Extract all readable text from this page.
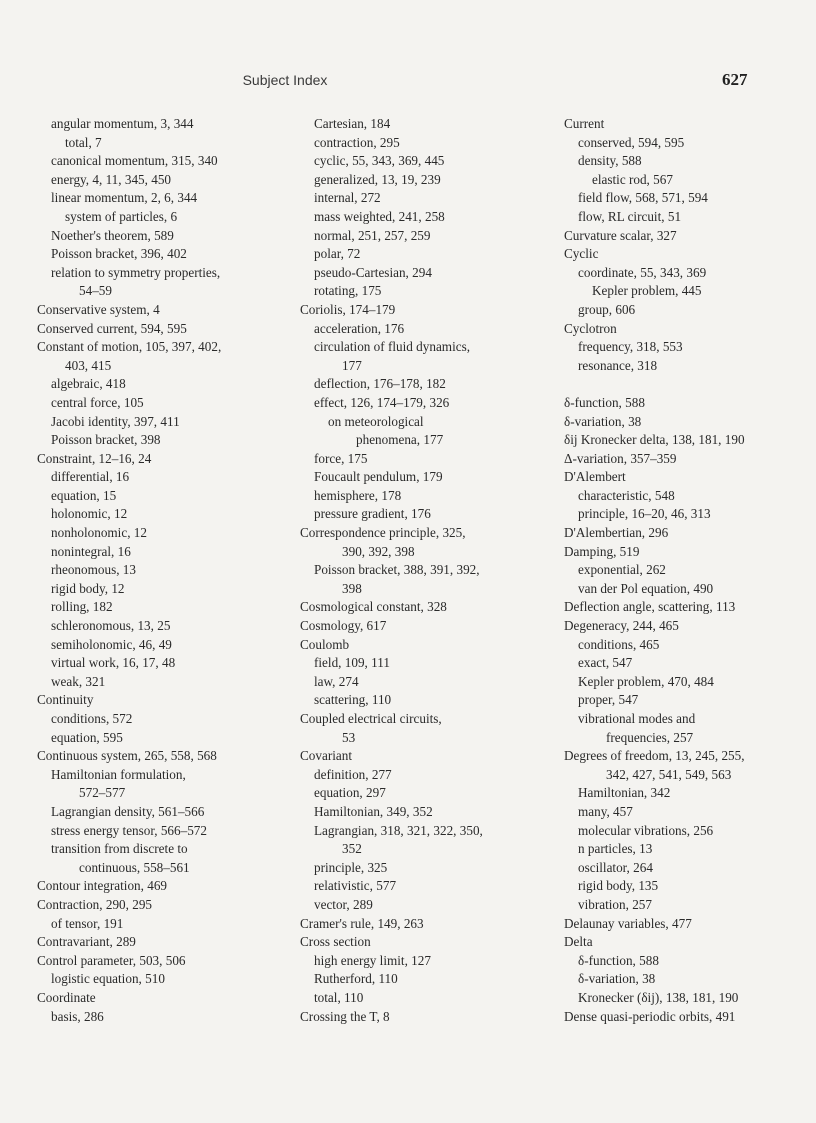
Subject Index	627
angular momentum, 3, 344
total, 7
canonical momentum, 315, 340
energy, 4, 11, 345, 450
linear momentum, 2, 6, 344
system of particles, 6
Noether's theorem, 589
Poisson bracket, 396, 402
relation to symmetry properties,
54–59
Conservative system, 4
Conserved current, 594, 595
Constant of motion, 105, 397, 402,
403, 415
algebraic, 418
central force, 105
Jacobi identity, 397, 411
Poisson bracket, 398
Constraint, 12–16, 24
differential, 16
equation, 15
holonomic, 12
nonholonomic, 12
nonintegral, 16
rheonomous, 13
rigid body, 12
rolling, 182
schleronomous, 13, 25
semiholonomic, 46, 49
virtual work, 16, 17, 48
weak, 321
Continuity
conditions, 572
equation, 595
Continuous system, 265, 558, 568
Hamiltonian formulation,
572–577
Lagrangian density, 561–566
stress energy tensor, 566–572
transition from discrete to
continuous, 558–561
Contour integration, 469
Contraction, 290, 295
of tensor, 191
Contravariant, 289
Control parameter, 503, 506
logistic equation, 510
Coordinate
basis, 286
Cartesian, 184
contraction, 295
cyclic, 55, 343, 369, 445
generalized, 13, 19, 239
internal, 272
mass weighted, 241, 258
normal, 251, 257, 259
polar, 72
pseudo-Cartesian, 294
rotating, 175
Coriolis, 174–179
acceleration, 176
circulation of fluid dynamics,
177
deflection, 176–178, 182
effect, 126, 174–179, 326
on meteorological
phenomena, 177
force, 175
Foucault pendulum, 179
hemisphere, 178
pressure gradient, 176
Correspondence principle, 325,
390, 392, 398
Poisson bracket, 388, 391, 392,
398
Cosmological constant, 328
Cosmology, 617
Coulomb
field, 109, 111
law, 274
scattering, 110
Coupled electrical circuits,
53
Covariant
definition, 277
equation, 297
Hamiltonian, 349, 352
Lagrangian, 318, 321, 322, 350,
352
principle, 325
relativistic, 577
vector, 289
Cramer's rule, 149, 263
Cross section
high energy limit, 127
Rutherford, 110
total, 110
Crossing the T, 8
Current
conserved, 594, 595
density, 588
elastic rod, 567
field flow, 568, 571, 594
flow, RL circuit, 51
Curvature scalar, 327
Cyclic
coordinate, 55, 343, 369
Kepler problem, 445
group, 606
Cyclotron
frequency, 318, 553
resonance, 318
δ-function, 588
δ-variation, 38
δij Kronecker delta, 138, 181, 190
Δ-variation, 357–359
D'Alembert
characteristic, 548
principle, 16–20, 46, 313
D'Alembertian, 296
Damping, 519
exponential, 262
van der Pol equation, 490
Deflection angle, scattering, 113
Degeneracy, 244, 465
conditions, 465
exact, 547
Kepler problem, 470, 484
proper, 547
vibrational modes and
frequencies, 257
Degrees of freedom, 13, 245, 255,
342, 427, 541, 549, 563
Hamiltonian, 342
many, 457
molecular vibrations, 256
n particles, 13
oscillator, 264
rigid body, 135
vibration, 257
Delaunay variables, 477
Delta
δ-function, 588
δ-variation, 38
Kronecker (δij), 138, 181, 190
Dense quasi-periodic orbits, 491
